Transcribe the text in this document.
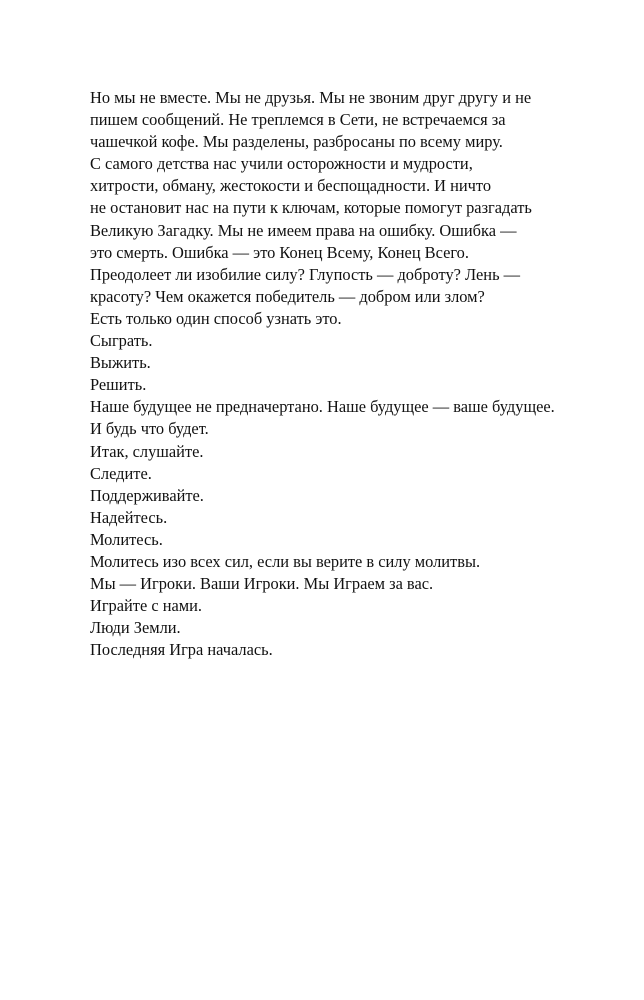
Но мы не вместе. Мы не друзья. Мы не звоним друг другу и не
пишем сообщений. Не треплемся в Сети, не встречаемся за
чашечкой кофе. Мы разделены, разбросаны по всему миру.
С самого детства нас учили осторожности и мудрости,
хитрости, обману, жестокости и беспощадности. И ничто
не остановит нас на пути к ключам, которые помогут разгадать
Великую Загадку. Мы не имеем права на ошибку. Ошибка —
это смерть. Ошибка — это Конец Всему, Конец Всего.
Преодолеет ли изобилие силу? Глупость — доброту? Лень —
красоту? Чем окажется победитель — добром или злом?
Есть только один способ узнать это.
Сыграть.
Выжить.
Решить.
Наше будущее не предначертано. Наше будущее — ваше будущее.
И будь что будет.
Итак, слушайте.
Следите.
Поддерживайте.
Надейтесь.
Молитесь.
Молитесь изо всех сил, если вы верите в силу молитвы.
Мы — Игроки. Ваши Игроки. Мы Играем за вас.
Играйте с нами.
Люди Земли.
Последняя Игра началась.
